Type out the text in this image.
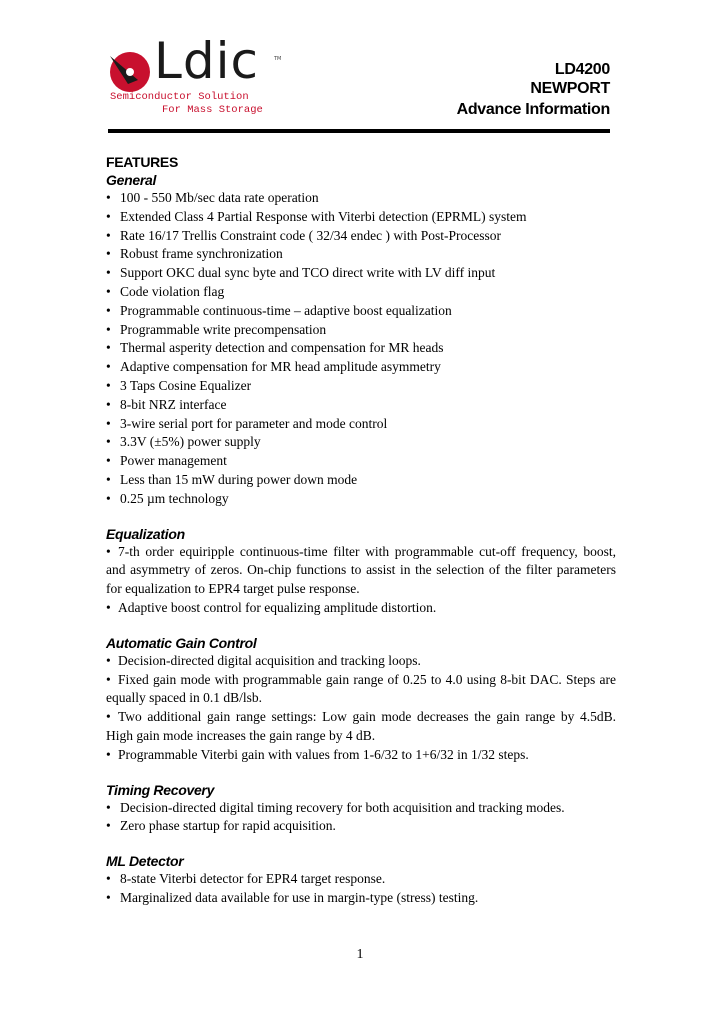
Ldic	TM
Semiconductor Solution
For Mass Storage
LD4200
NEWPORT
Advance Information
FEATURES
General
• 100 - 550 Mb/sec data rate operation
• Extended Class 4 Partial Response with Viterbi detection (EPRML) system
• Rate 16/17 Trellis Constraint code ( 32/34 endec ) with Post-Processor
• Robust frame synchronization
• Support OKC dual sync byte and TCO direct write with LV diff input
• Code violation flag
• Programmable continuous-time – adaptive boost equalization
• Programmable write precompensation
• Thermal asperity detection and compensation for MR heads
• Adaptive compensation for MR head amplitude asymmetry
• 3 Taps Cosine Equalizer
• 8-bit NRZ interface
• 3-wire serial port for parameter and mode control
• 3.3V (±5%) power supply
• Power management
• Less than 15 mW during power down mode
• 0.25 µm technology
Equalization
• 7-th order equiripple continuous-time filter with programmable cut-off frequency, boost, and asymmetry of zeros. On-chip functions to assist in the selection of the filter parameters for equalization to EPR4 target pulse response.
• Adaptive boost control for equalizing amplitude distortion.
Automatic Gain Control
• Decision-directed digital acquisition and tracking loops.
• Fixed gain mode with programmable gain range of 0.25 to 4.0 using 8-bit DAC. Steps are equally spaced in 0.1 dB/lsb.
• Two additional gain range settings: Low gain mode decreases the gain range by 4.5dB. High gain mode increases the gain range by 4 dB.
• Programmable Viterbi gain with values from 1-6/32 to 1+6/32 in 1/32 steps.
Timing Recovery
• Decision-directed digital timing recovery for both acquisition and tracking modes.
• Zero phase startup for rapid acquisition.
ML Detector
• 8-state Viterbi detector for EPR4 target response.
• Marginalized data available for use in margin-type (stress) testing.
1
